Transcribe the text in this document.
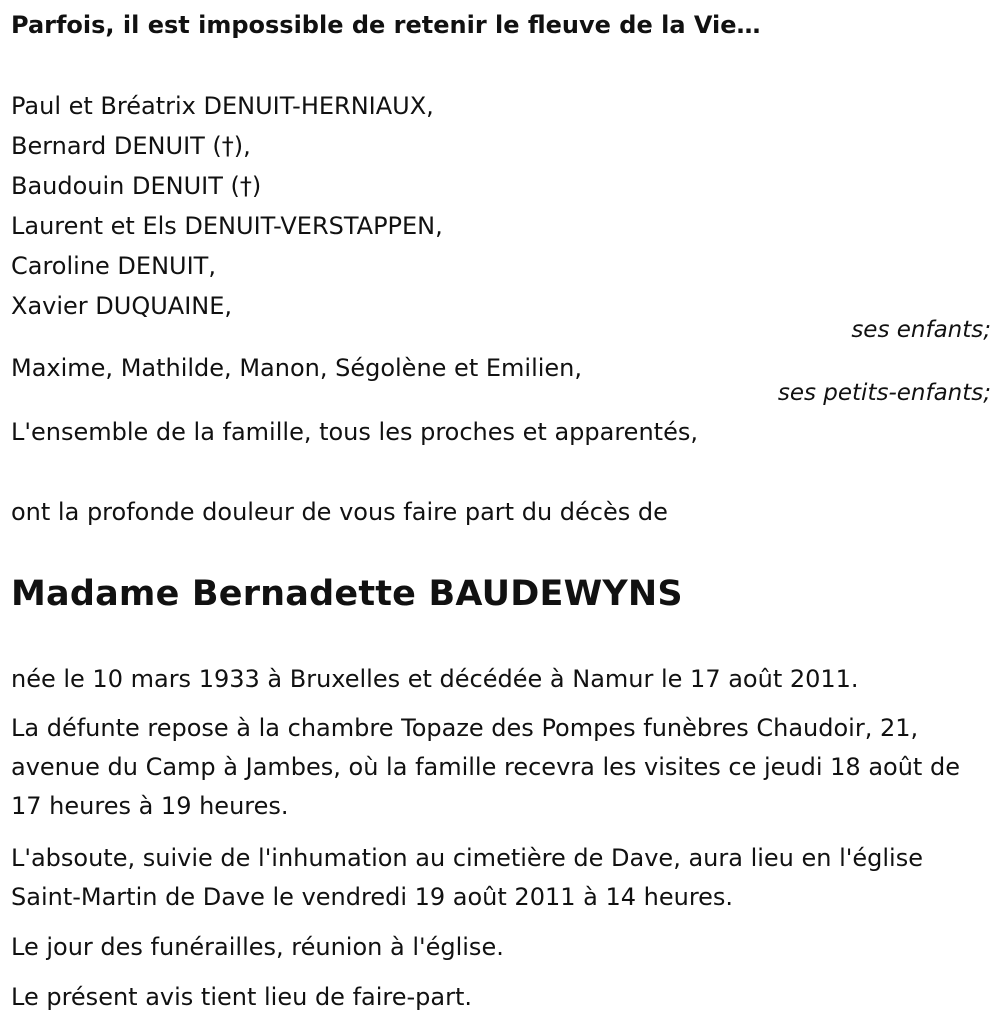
Parfois, il est impossible de retenir le fleuve de la Vie…
Paul et Bréatrix DENUIT-HERNIAUX,
Bernard DENUIT (†),
Baudouin DENUIT (†)
Laurent et Els DENUIT-VERSTAPPEN,
Caroline DENUIT,
Xavier DUQUAINE,
ses enfants;
Maxime, Mathilde, Manon, Ségolène et Emilien,
ses petits-enfants;
L'ensemble de la famille, tous les proches et apparentés,
ont la profonde douleur de vous faire part du décès de
Madame Bernadette BAUDEWYNS
née le 10 mars 1933 à Bruxelles et décédée à Namur le 17 août 2011.
La défunte repose à la chambre Topaze des Pompes funèbres Chaudoir, 21, avenue du Camp à Jambes, où la famille recevra les visites ce jeudi 18 août de 17 heures à 19 heures.
L'absoute, suivie de l'inhumation au cimetière de Dave, aura lieu en l'église Saint-Martin de Dave le vendredi 19 août 2011 à 14 heures.
Le jour des funérailles, réunion à l'église.
Le présent avis tient lieu de faire-part.
